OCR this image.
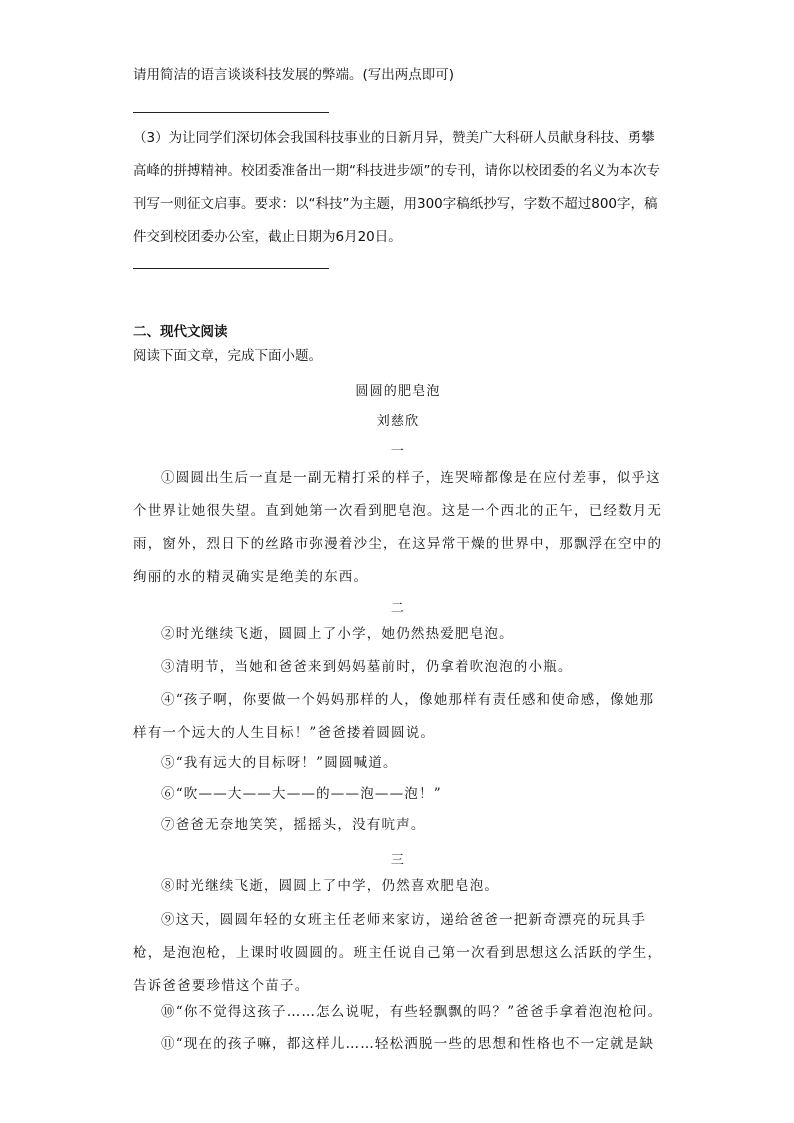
请用简洁的语言谈谈科技发展的弊端。(写出两点即可)

（3）为让同学们深切体会我国科技事业的日新月异，赞美广大科研人员献身科技、勇攀高峰的拼搏精神。校团委准备出一期“科技进步颂”的专刊，请你以校团委的名义为本次专刊写一则征文启事。要求：以“科技”为主题，用300字稿纸抄写，字数不超过800字，稿件交到校团委办公室，截止日期为6月20日。

二、现代文阅读

阅读下面文章，完成下面小题。

圆圆的肥皂泡

刘慈欣

一

①圆圆出生后一直是一副无精打采的样子，连哭啼都像是在应付差事，似乎这个世界让她很失望。直到她第一次看到肥皂泡。这是一个西北的正午，已经数月无雨，窗外，烈日下的丝路市弥漫着沙尘，在这异常干燥的世界中，那飘浮在空中的绚丽的水的精灵确实是绝美的东西。

二

②时光继续飞逝，圆圆上了小学，她仍然热爱肥皂泡。

③清明节，当她和爸爸来到妈妈墓前时，仍拿着吹泡泡的小瓶。

④“孩子啊，你要做一个妈妈那样的人，像她那样有责任感和使命感，像她那样有一个远大的人生目标！”爸爸搂着圆圆说。

⑤“我有远大的目标呀！”圆圆喊道。

⑥“吹——大——大——的——泡——泡！”

⑦爸爸无奈地笑笑，摇摇头，没有吭声。

三

⑧时光继续飞逝，圆圆上了中学，仍然喜欢肥皂泡。

⑨这天，圆圆年轻的女班主任老师来家访，递给爸爸一把新奇漂亮的玩具手枪，是泡泡枪，上课时收圆圆的。班主任说自己第一次看到思想这么活跃的学生，告诉爸爸要珍惜这个苗子。

⑩“你不觉得这孩子……怎么说呢，有些轻飘飘的吗？”爸爸手拿着泡泡枪问。

⑪“现在的孩子嘛，都这样儿……轻松洒脱一些的思想和性格也不一定就是缺
